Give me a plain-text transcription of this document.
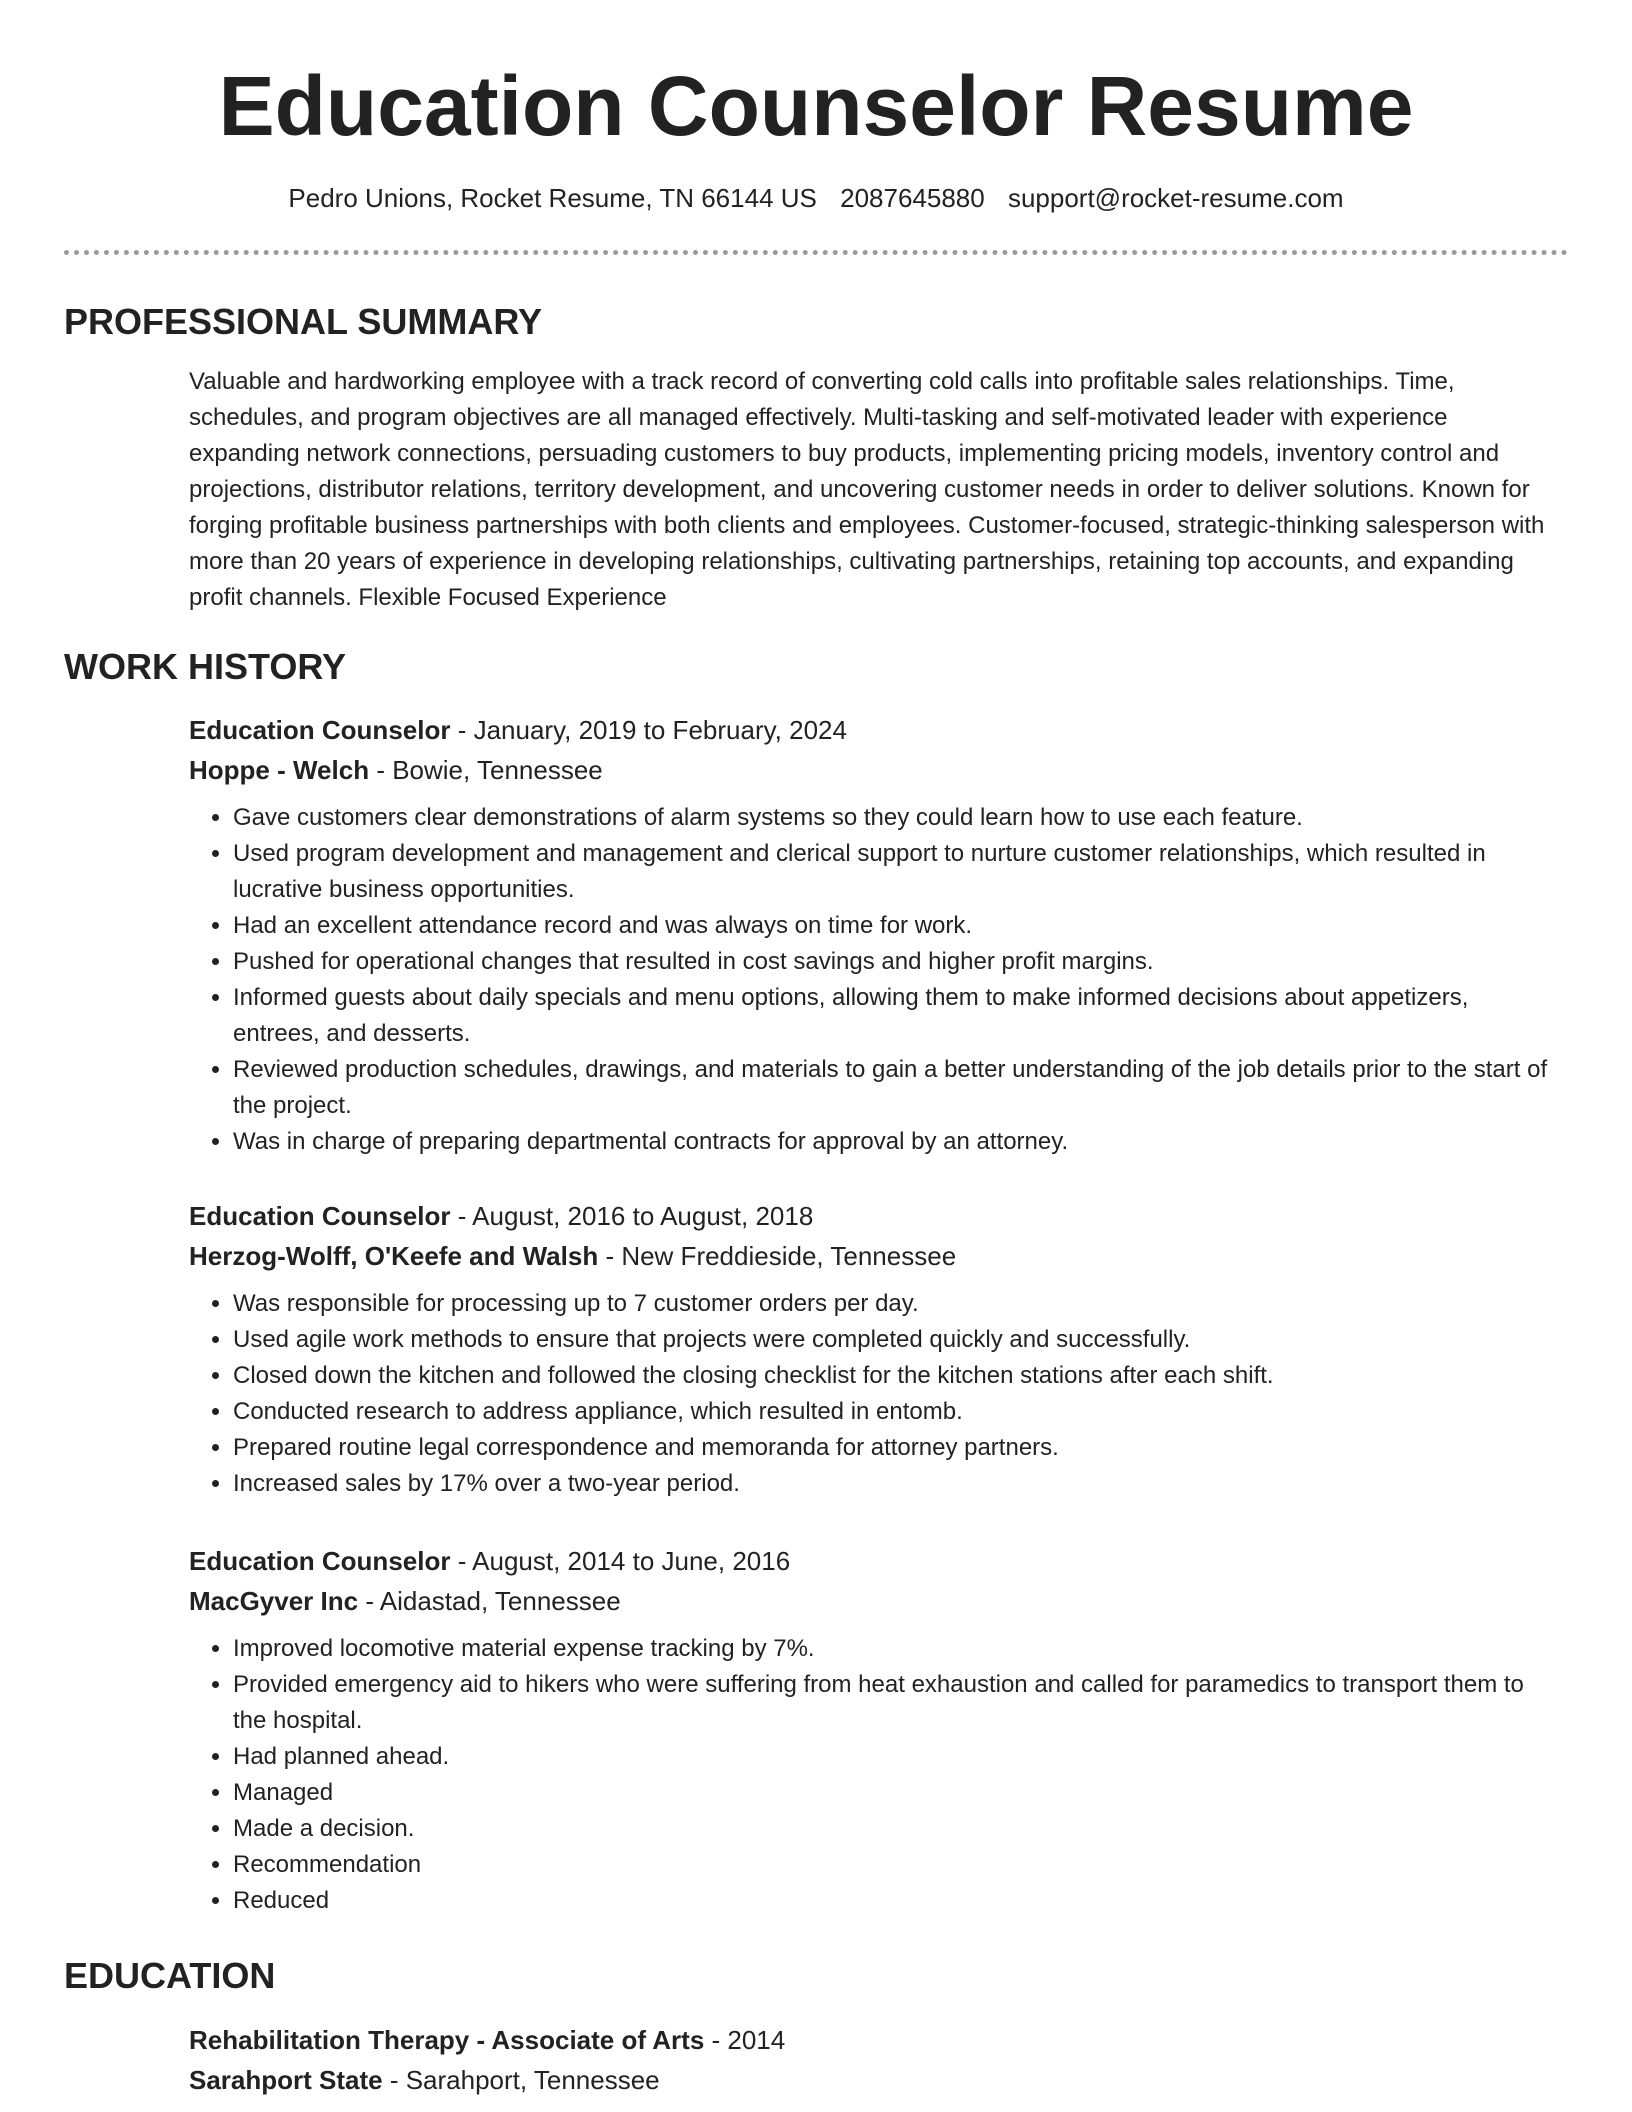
Education Counselor Resume
Pedro Unions, Rocket Resume, TN 66144 US 2087645880 support@rocket-resume.com
PROFESSIONAL SUMMARY

Valuable and hardworking employee with a track record of converting cold calls into profitable sales relationships. Time, schedules, and program objectives are all managed effectively. Multi-tasking and self-motivated leader with experience expanding network connections, persuading customers to buy products, implementing pricing models, inventory control and projections, distributor relations, territory development, and uncovering customer needs in order to deliver solutions. Known for forging profitable business partnerships with both clients and employees. Customer-focused, strategic-thinking salesperson with more than 20 years of experience in developing relationships, cultivating partnerships, retaining top accounts, and expanding profit channels. Flexible Focused Experience

WORK HISTORY

Education Counselor - January, 2019 to February, 2024

Hoppe - Welch - Bowie, Tennessee

• Gave customers clear demonstrations of alarm systems so they could learn how to use each feature.
• Used program development and management and clerical support to nurture customer relationships, which resulted in lucrative business opportunities.
• Had an excellent attendance record and was always on time for work.
• Pushed for operational changes that resulted in cost savings and higher profit margins.
• Informed guests about daily specials and menu options, allowing them to make informed decisions about appetizers, entrees, and desserts.
• Reviewed production schedules, drawings, and materials to gain a better understanding of the job details prior to the start of the project.
• Was in charge of preparing departmental contracts for approval by an attorney.

Education Counselor - August, 2016 to August, 2018

Herzog-Wolff, O'Keefe and Walsh - New Freddieside, Tennessee

• Was responsible for processing up to 7 customer orders per day.
• Used agile work methods to ensure that projects were completed quickly and successfully.
• Closed down the kitchen and followed the closing checklist for the kitchen stations after each shift.
• Conducted research to address appliance, which resulted in entomb.
• Prepared routine legal correspondence and memoranda for attorney partners.
• Increased sales by 17% over a two-year period.

Education Counselor - August, 2014 to June, 2016

MacGyver Inc - Aidastad, Tennessee

• Improved locomotive material expense tracking by 7%.
• Provided emergency aid to hikers who were suffering from heat exhaustion and called for paramedics to transport them to the hospital.
• Had planned ahead.
• Managed
• Made a decision.
• Recommendation
• Reduced
EDUCATION

Rehabilitation Therapy - Associate of Arts - 2014

Sarahport State - Sarahport, Tennessee
